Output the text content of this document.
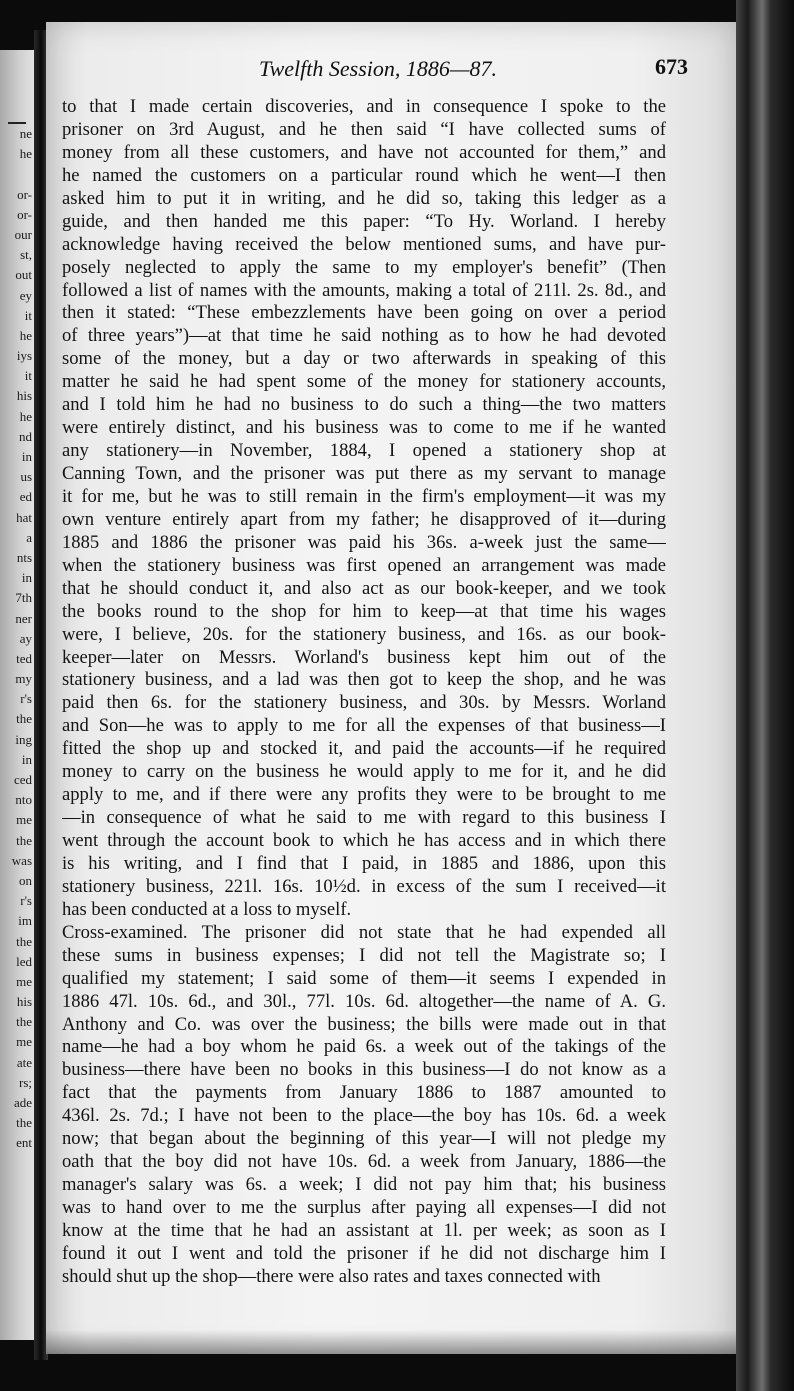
ne
he
or-
or-
our
st,
out
ey
it
he
iys
it
his
he
nd
in
us
ed
hat
a
nts
in
7th
ner
ay
ted
my
r's
the
ing
in
ced
nto
me
the
was
on
r's
im
the
led
me
his
the
me
ate
rs;
ade
the
ent
Twelfth Session, 1886—87.	673
to that I made certain discoveries, and in consequence I spoke to the
prisoner on 3rd August, and he then said “I have collected sums of
money from all these customers, and have not accounted for them,” and
he named the customers on a particular round which he went—I then
asked him to put it in writing, and he did so, taking this ledger as a
guide, and then handed me this paper: “To Hy. Worland. I hereby
acknowledge having received the below mentioned sums, and have pur-
posely neglected to apply the same to my employer's benefit” (Then
followed a list of names with the amounts, making a total of 211l. 2s. 8d., and
then it stated: “These embezzlements have been going on over a period
of three years”)—at that time he said nothing as to how he had devoted
some of the money, but a day or two afterwards in speaking of this
matter he said he had spent some of the money for stationery accounts,
and I told him he had no business to do such a thing—the two matters
were entirely distinct, and his business was to come to me if he wanted
any stationery—in November, 1884, I opened a stationery shop at
Canning Town, and the prisoner was put there as my servant to manage
it for me, but he was to still remain in the firm's employment—it was my
own venture entirely apart from my father; he disapproved of it—during
1885 and 1886 the prisoner was paid his 36s. a-week just the same—
when the stationery business was first opened an arrangement was made
that he should conduct it, and also act as our book-keeper, and we took
the books round to the shop for him to keep—at that time his wages
were, I believe, 20s. for the stationery business, and 16s. as our book-
keeper—later on Messrs. Worland's business kept him out of the
stationery business, and a lad was then got to keep the shop, and he was
paid then 6s. for the stationery business, and 30s. by Messrs. Worland
and Son—he was to apply to me for all the expenses of that business—I
fitted the shop up and stocked it, and paid the accounts—if he required
money to carry on the business he would apply to me for it, and he did
apply to me, and if there were any profits they were to be brought to me
—in consequence of what he said to me with regard to this business I
went through the account book to which he has access and in which there
is his writing, and I find that I paid, in 1885 and 1886, upon this
stationery business, 221l. 16s. 10½d. in excess of the sum I received—it
has been conducted at a loss to myself.
Cross-examined. The prisoner did not state that he had expended all
these sums in business expenses; I did not tell the Magistrate so; I
qualified my statement; I said some of them—it seems I expended in
1886 47l. 10s. 6d., and 30l., 77l. 10s. 6d. altogether—the name of A. G.
Anthony and Co. was over the business; the bills were made out in that
name—he had a boy whom he paid 6s. a week out of the takings of the
business—there have been no books in this business—I do not know as a
fact that the payments from January 1886 to 1887 amounted to
436l. 2s. 7d.; I have not been to the place—the boy has 10s. 6d. a week
now; that began about the beginning of this year—I will not pledge my
oath that the boy did not have 10s. 6d. a week from January, 1886—the
manager's salary was 6s. a week; I did not pay him that; his business
was to hand over to me the surplus after paying all expenses—I did not
know at the time that he had an assistant at 1l. per week; as soon as I
found it out I went and told the prisoner if he did not discharge him I
should shut up the shop—there were also rates and taxes connected with
